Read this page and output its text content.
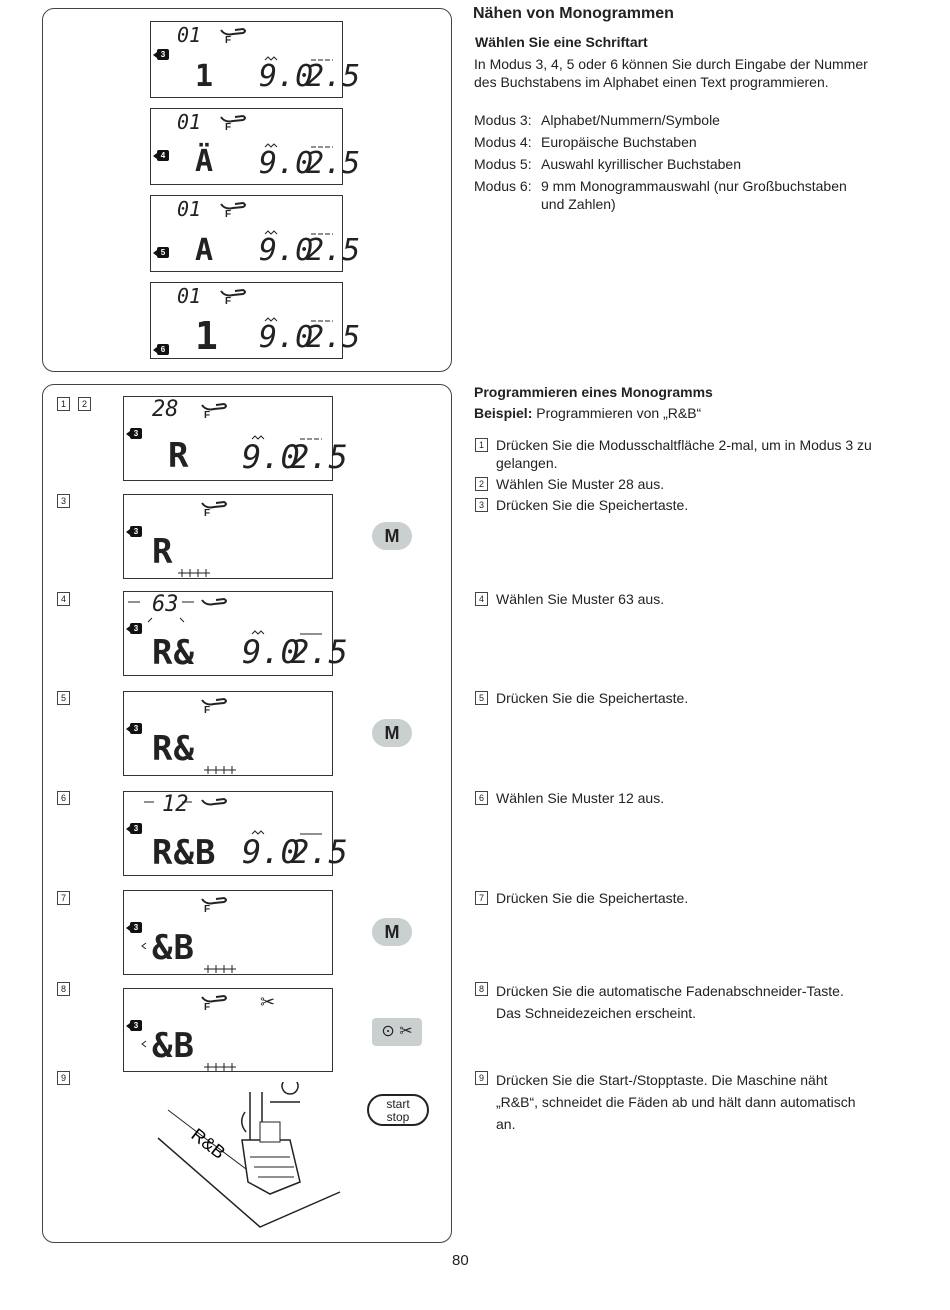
01 F
3
1 9.0
2.5
01 F
4 Ä 9.0
2.5
01 F
5 A 9.0
2.5
01 F
6 1 9.0
2.5
Nähen von Monogrammen
Wählen Sie eine Schriftart
In Modus 3, 4, 5 oder 6 können Sie durch Eingabe der Nummer des Buchstabens im Alphabet einen Text programmieren.
Modus 3: Alphabet/Nummern/Symbole
Modus 4: Europäische Buchstaben
Modus 5: Auswahl kyrillischer Buchstaben
Modus 6: 9 mm Monogrammauswahl (nur Großbuchstaben und Zahlen)
1	2
3
4
5
6
7
8
9
28	F
3
R 9.0
2.5
F
3
R
63
3
R& 9.0
2.5
F
3
R&
12
3
R&B 9.0
2.5
F
3
&B
F	✂
3
&B
M
M
M
⊙ ✂
start
stop
R&B
Programmieren eines Monogramms
Beispiel: Programmieren von „R&B“
1 Drücken Sie die Modusschaltfläche 2-mal, um in Modus 3 zu gelangen.
2 Wählen Sie Muster 28 aus.
3 Drücken Sie die Speichertaste.
4 Wählen Sie Muster 63 aus.
5 Drücken Sie die Speichertaste.
6 Wählen Sie Muster 12 aus.
7 Drücken Sie die Speichertaste.
8 Drücken Sie die automatische Fadenabschneider-Taste. Das Schneidezeichen erscheint.
9 Drücken Sie die Start-/Stopptaste. Die Maschine näht „R&B“, schneidet die Fäden ab und hält dann automatisch an.
80
